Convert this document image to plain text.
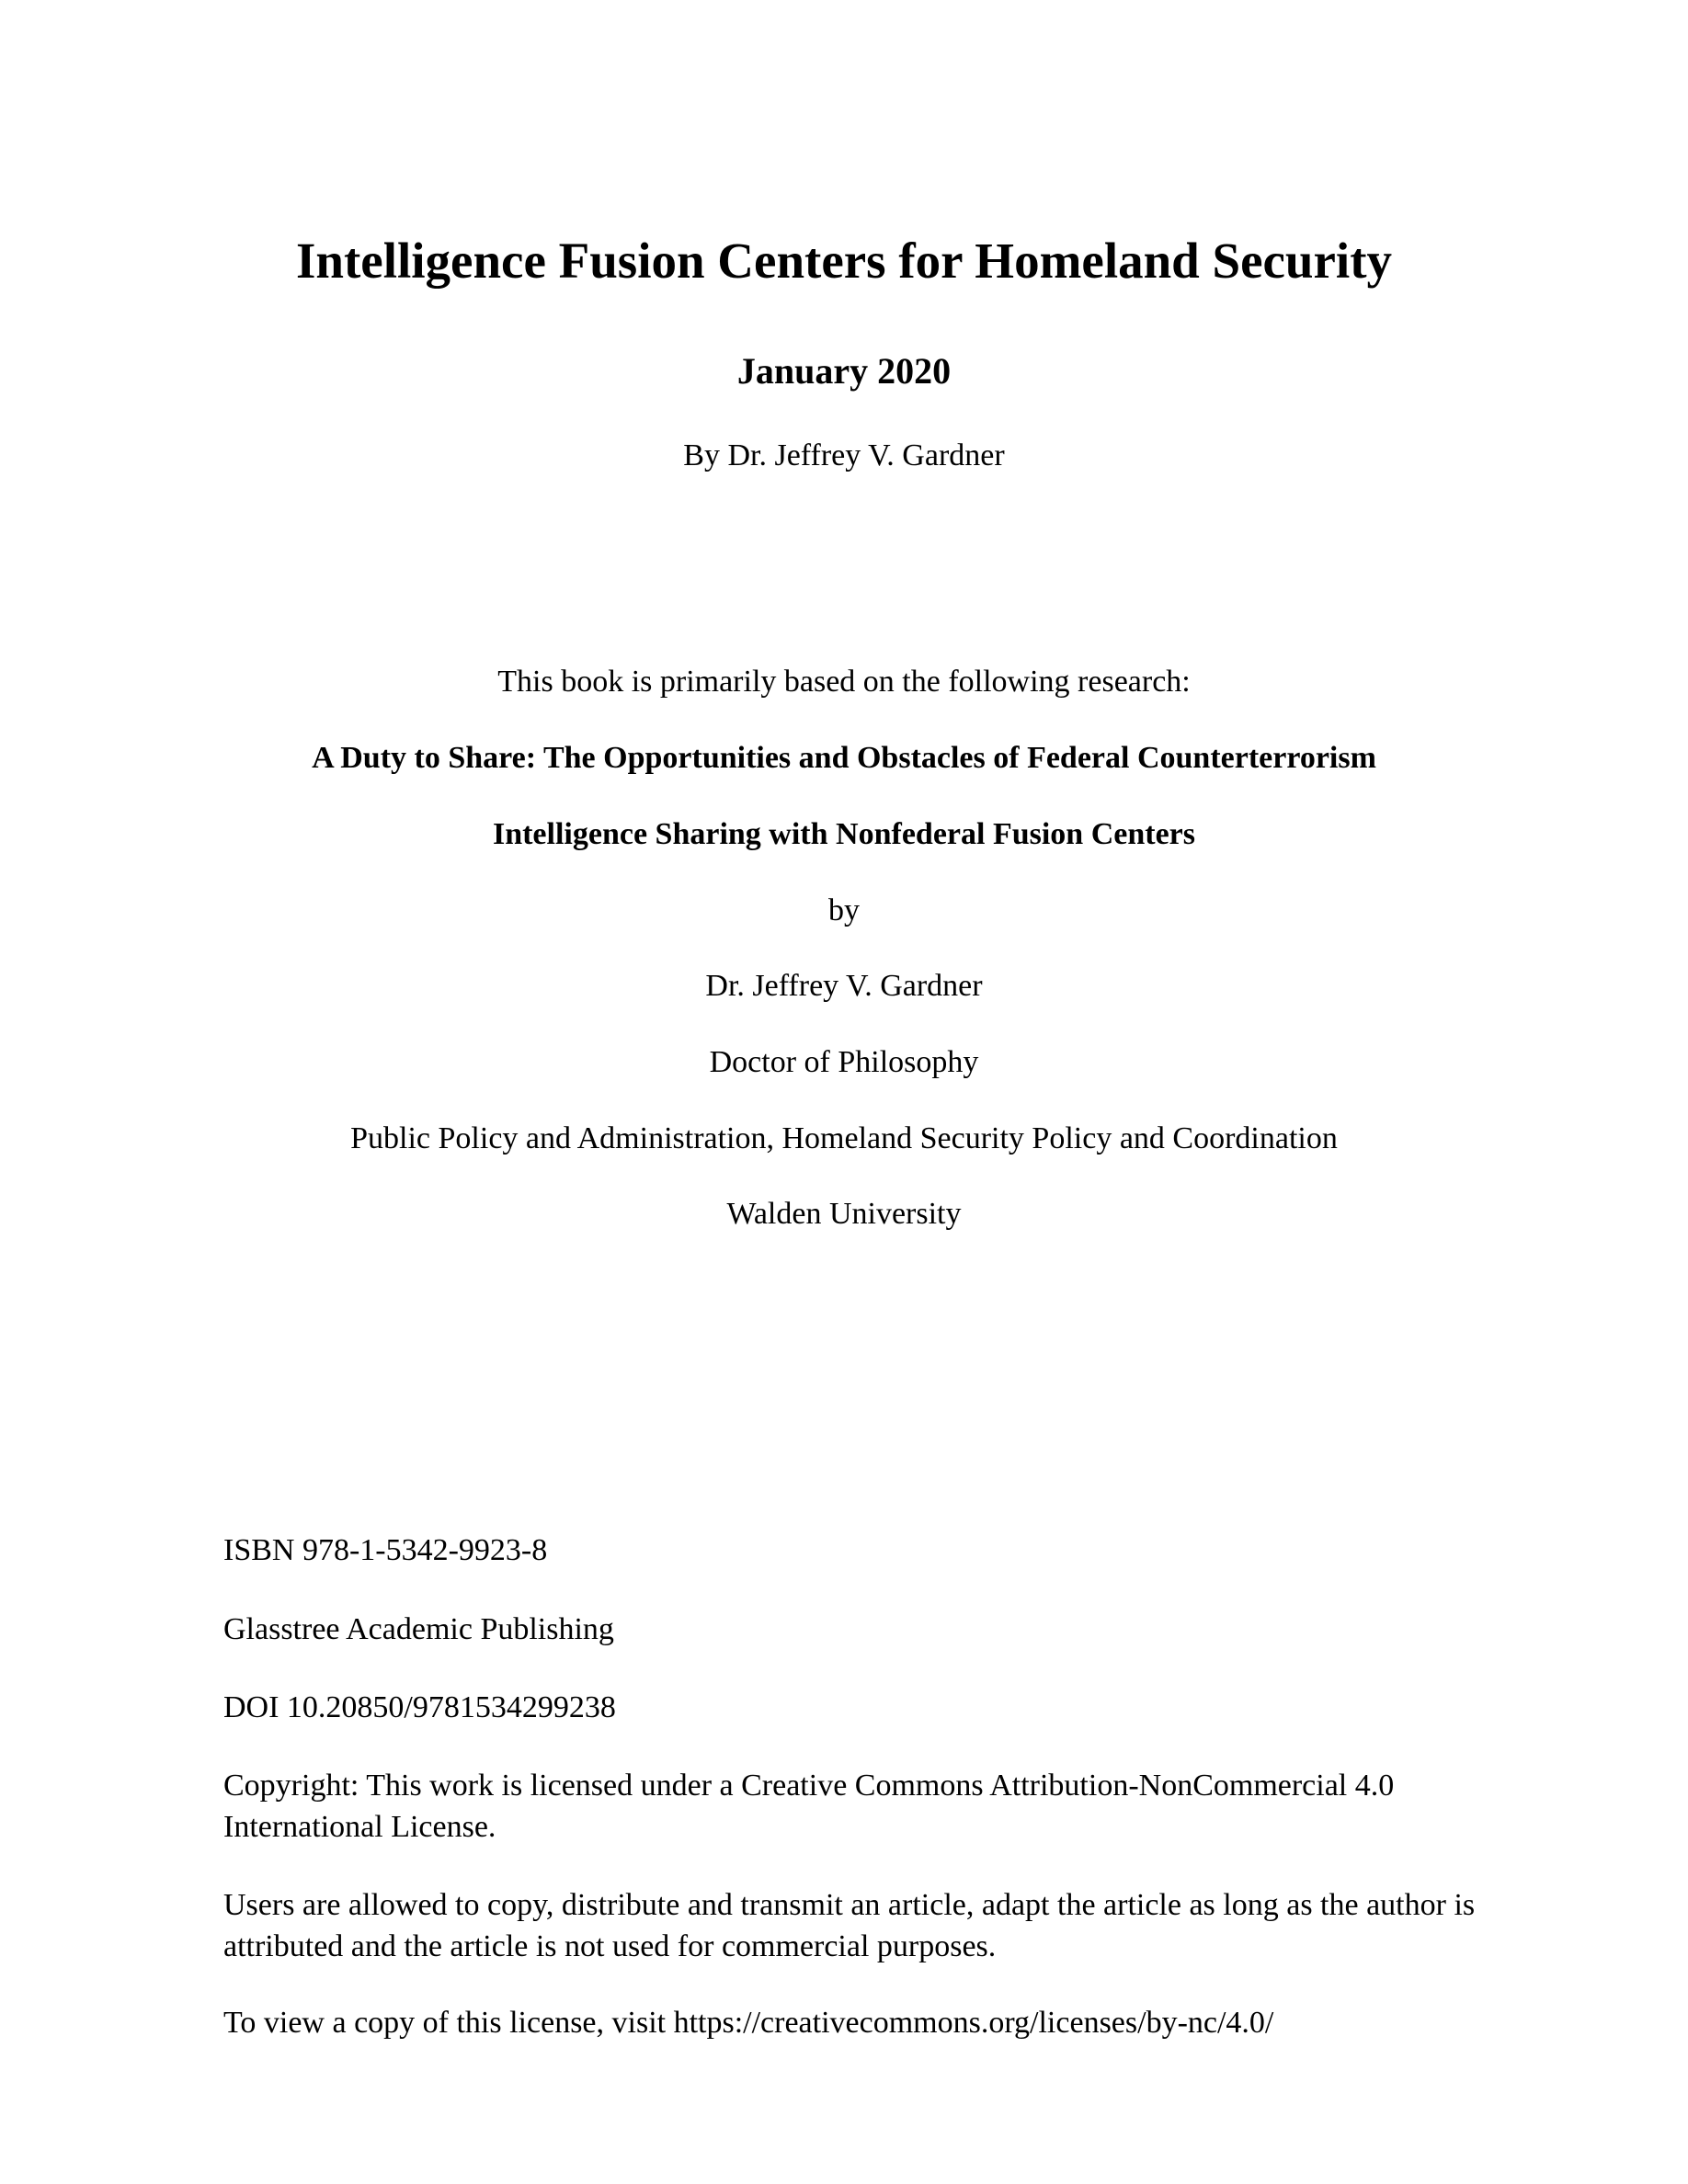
Intelligence Fusion Centers for Homeland Security
January 2020
By Dr. Jeffrey V. Gardner
This book is primarily based on the following research:
A Duty to Share: The Opportunities and Obstacles of Federal Counterterrorism
Intelligence Sharing with Nonfederal Fusion Centers
by
Dr. Jeffrey V. Gardner
Doctor of Philosophy
Public Policy and Administration, Homeland Security Policy and Coordination
Walden University
ISBN 978-1-5342-9923-8
Glasstree Academic Publishing
DOI 10.20850/9781534299238
Copyright: This work is licensed under a Creative Commons Attribution-NonCommercial 4.0 International License.
Users are allowed to copy, distribute and transmit an article, adapt the article as long as the author is attributed and the article is not used for commercial purposes.
To view a copy of this license, visit https://creativecommons.org/licenses/by-nc/4.0/
